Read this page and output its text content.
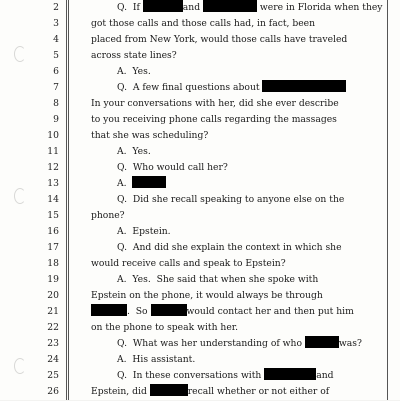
2	Q.  If	and	were in Florida when they
3	got those calls and those calls had, in fact, been
4	placed from New York, would those calls have traveled
5	across state lines?
6	A.  Yes.
7	Q.  A few final questions about
8	In your conversations with her, did she ever describe
9	to you receiving phone calls regarding the massages
10	that she was scheduling?
11	A.  Yes.
12	Q.  Who would call her?
13	A.
14	Q.  Did she recall speaking to anyone else on the
15	phone?
16	A.  Epstein.
17	Q.  And did she explain the context in which she
18	would receive calls and speak to Epstein?
19	A.  Yes.  She said that when she spoke with
20	Epstein on the phone, it would always be through
21	.  So	would contact her and then put him
22	on the phone to speak with her.
23	Q.  What was her understanding of who	was?
24	A.  His assistant.
25	Q.  In these conversations with	and
26	Epstein, did	recall whether or not either of
